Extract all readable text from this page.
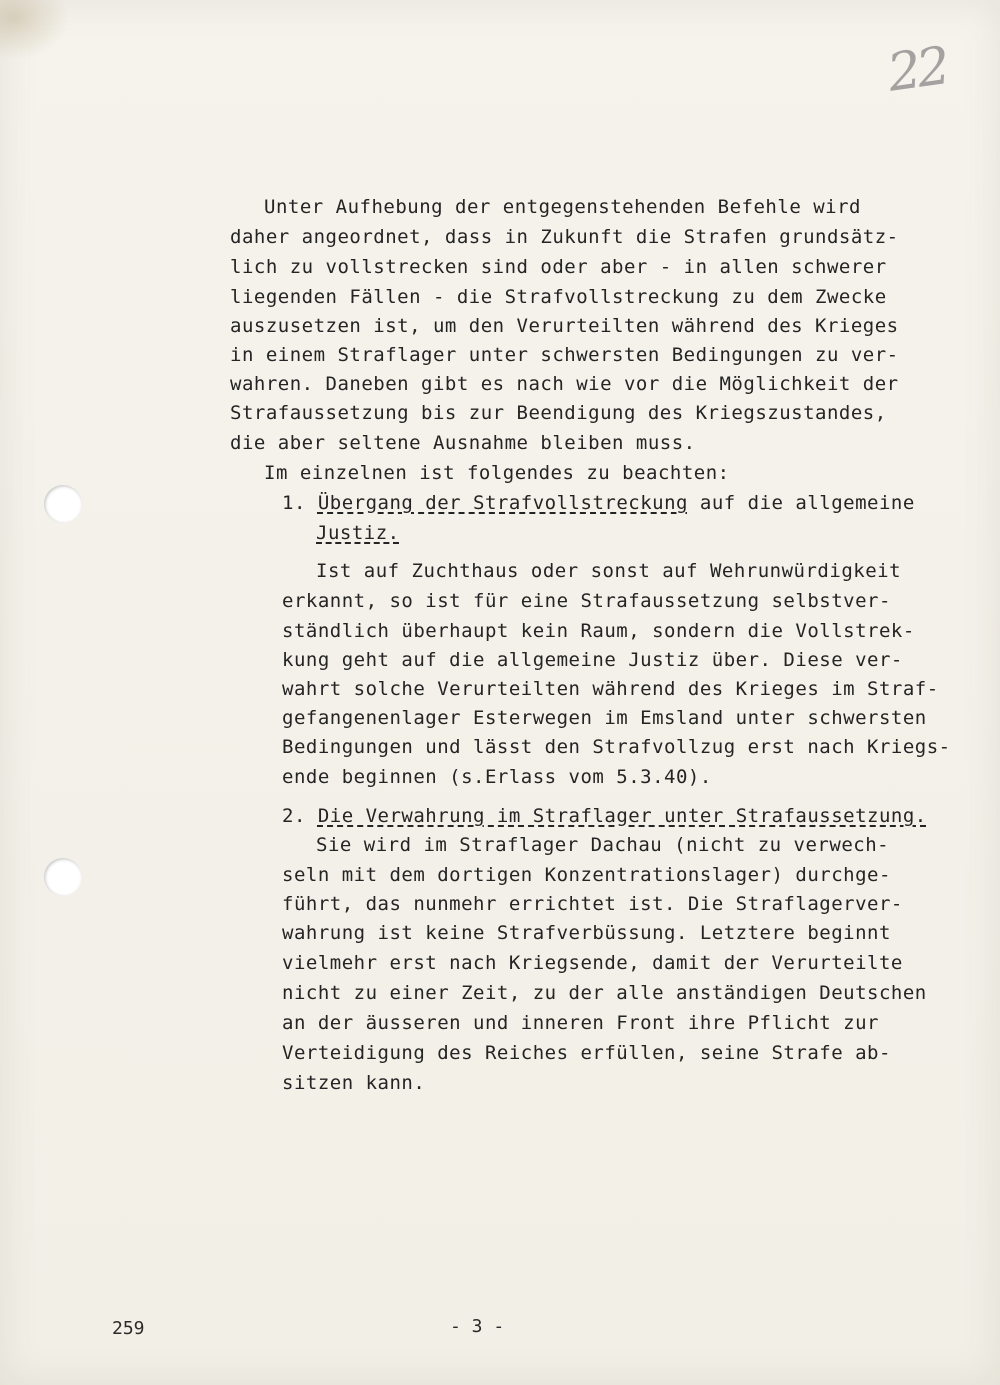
22
Unter Aufhebung der entgegenstehenden Befehle wird
daher angeordnet, dass in Zukunft die Strafen grundsätz-
lich zu vollstrecken sind oder aber - in allen schwerer
liegenden Fällen - die Strafvollstreckung zu dem Zwecke
auszusetzen ist, um den Verurteilten während des Krieges
in einem Straflager unter schwersten Bedingungen zu ver-
wahren. Daneben gibt es nach wie vor die Möglichkeit der
Strafaussetzung bis zur Beendigung des Kriegszustandes,
die aber seltene Ausnahme bleiben muss.
Im einzelnen ist folgendes zu beachten:
1. Übergang der Strafvollstreckung auf die allgemeine
Justiz.
Ist auf Zuchthaus oder sonst auf Wehrunwürdigkeit
erkannt, so ist für eine Strafaussetzung selbstver-
ständlich überhaupt kein Raum, sondern die Vollstrek-
kung geht auf die allgemeine Justiz über. Diese ver-
wahrt solche Verurteilten während des Krieges im Straf-
gefangenenlager Esterwegen im Emsland unter schwersten
Bedingungen und lässt den Strafvollzug erst nach Kriegs-
ende beginnen (s.Erlass vom 5.3.40).
2. Die Verwahrung im Straflager unter Strafaussetzung.
Sie wird im Straflager Dachau (nicht zu verwech-
seln mit dem dortigen Konzentrationslager) durchge-
führt, das nunmehr errichtet ist. Die Straflagerver-
wahrung ist keine Strafverbüssung. Letztere beginnt
vielmehr erst nach Kriegsende, damit der Verurteilte
nicht zu einer Zeit, zu der alle anständigen Deutschen
an der äusseren und inneren Front ihre Pflicht zur
Verteidigung des Reiches erfüllen, seine Strafe ab-
sitzen kann.
259	- 3 -
